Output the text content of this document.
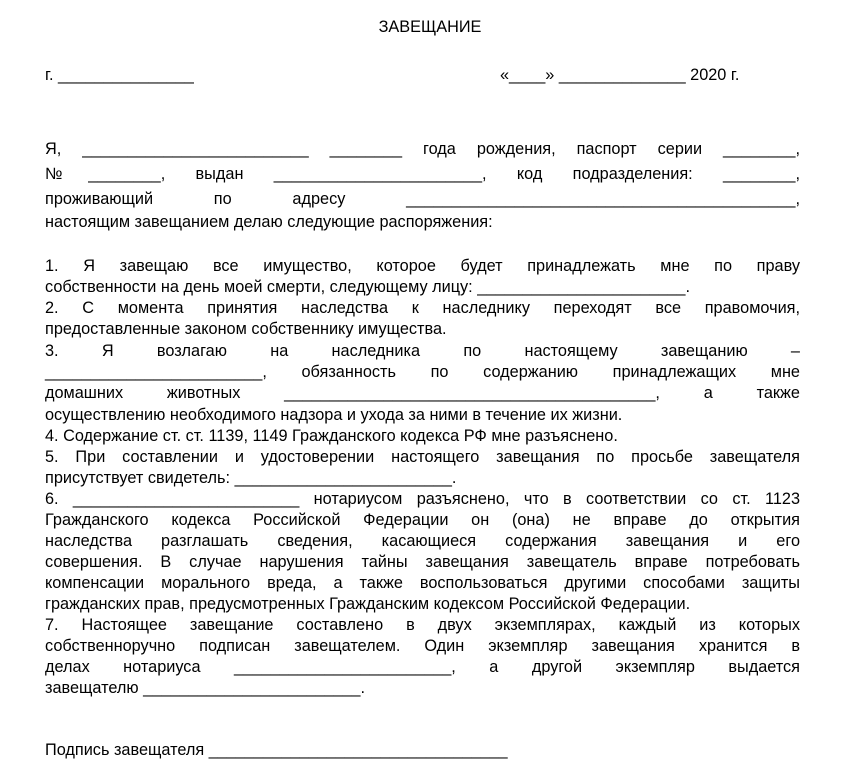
ЗАВЕЩАНИЕ
г. _______________	«____» ______________ 2020 г.
Я, _________________________ ________ года рождения, паспорт серии ________,
№________, выдан _______________________, код подразделения: ________,
проживающий по адресу ___________________________________________,
настоящим завещанием делаю следующие распоряжения:
1. Я завещаю все имущество, которое будет принадлежать мне по праву
собственности на день моей смерти, следующему лицу: _______________________.
2. С момента принятия наследства к наследнику переходят все правомочия,
предоставленные законом собственнику имущества.
3. Я возлагаю на наследника по настоящему завещанию –
________________________, обязанность по содержанию принадлежащих мне
домашних животных _________________________________________, а также
осуществлению необходимого надзора и ухода за ними в течение их жизни.
4. Содержание ст. ст. 1139, 1149 Гражданского кодекса РФ мне разъяснено.
5. При составлении и удостоверении настоящего завещания по просьбе завещателя
присутствует свидетель: ________________________.
6. _________________________ нотариусом разъяснено, что в соответствии со ст. 1123
Гражданского кодекса Российской Федерации он (она) не вправе до открытия
наследства разглашать сведения, касающиеся содержания завещания и его
совершения. В случае нарушения тайны завещания завещатель вправе потребовать
компенсации морального вреда, а также воспользоваться другими способами защиты
гражданских прав, предусмотренных Гражданским кодексом Российской Федерации.
7. Настоящее завещание составлено в двух экземплярах, каждый из которых
собственноручно подписан завещателем. Один экземпляр завещания хранится в
делах нотариуса ________________________, а другой экземпляр выдается
завещателю ________________________.
Подпись завещателя _________________________________
